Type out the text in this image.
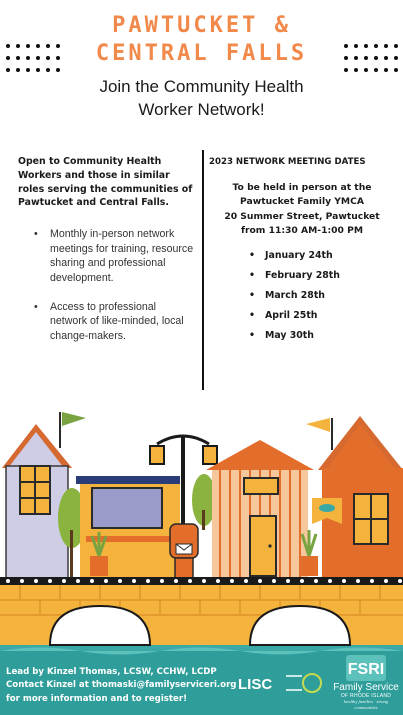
PAWTUCKET &
CENTRAL FALLS
Join the Community Health Worker Network!

Open to Community Health Workers and those in similar roles serving the communities of Pawtucket and Central Falls.

• Monthly in-person network meetings for training, resource sharing and professional development.
• Access to professional network of like-minded, local change-makers.
2023 NETWORK MEETING DATES
To be held in person at the
Pawtucket Family YMCA
20 Summer Street, Pawtucket
from 11:30 AM-1:00 PM
• January 24th
• February 28th
• March 28th
• April 25th
• May 30th
Lead by Kinzel Thomas, LCSW, CCHW, LCDP
Contact Kinzel at thomaski@familyserviceri.org
for more information and to register!
LISC
FSRI
Family Service
OF RHODE ISLAND
healthy families · strong communities
